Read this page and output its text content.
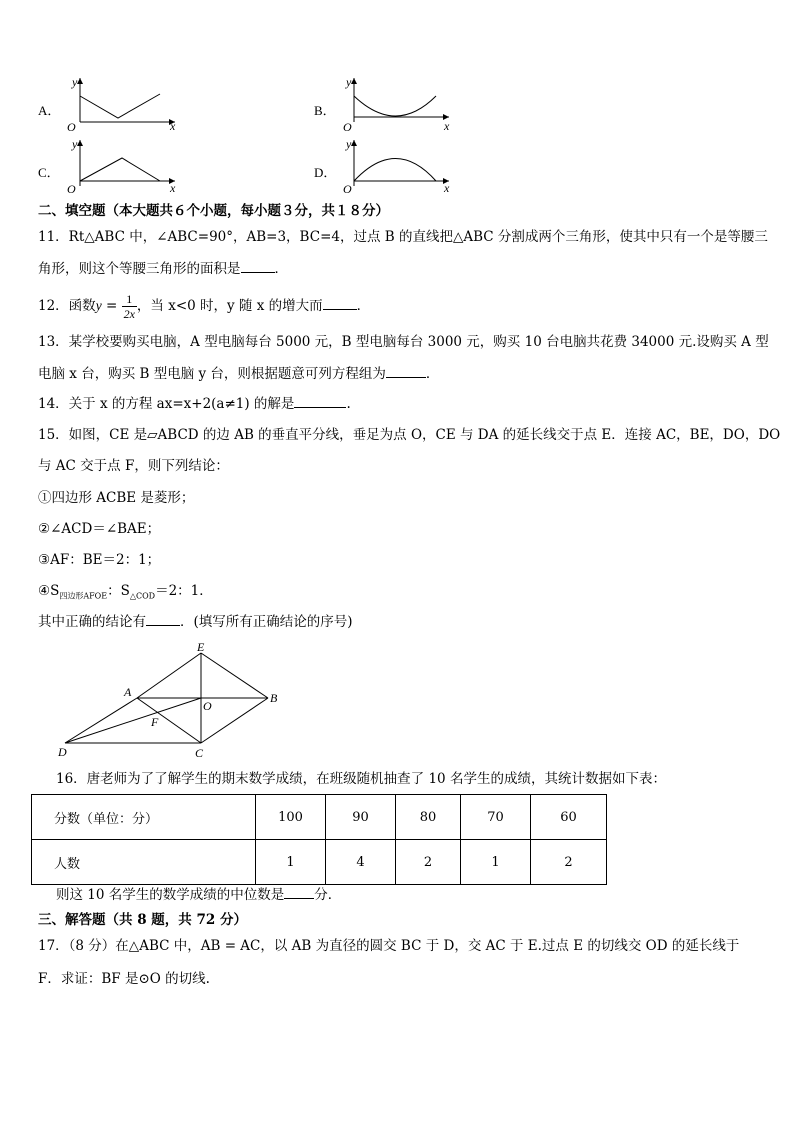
A．
x
y
O
B．
x
y
O
C．
x
y
O
D．
x
y
O
二、填空题（本大题共６个小题，每小题３分，共１８分）
11．Rt△ABC 中，∠ABC=90°，AB=3，BC=4，过点 B 的直线把△ABC 分割成两个三角形，使其中只有一个是等腰三
角形，则这个等腰三角形的面积是	．
12．函数$y = \frac{1}{2x}$ ，当 x<0 时，y 随 x 的增大而	．
13．某学校要购买电脑，A 型电脑每台 5000 元，B 型电脑每台 3000 元，购买 10 台电脑共花费 34000 元.设购买 A 型
电脑 x 台，购买 B 型电脑 y 台，则根据题意可列方程组为	．
14．关于 x 的方程 ax=x+2(a≠1) 的解是	.
15．如图，CE 是▱ABCD 的边 AB 的垂直平分线，垂足为点 O，CE 与 DA 的延长线交于点 E．连接 AC，BE，DO，DO
与 AC 交于点 F，则下列结论：
①四边形 ACBE 是菱形；
②∠ACD＝∠BAE；
③AF：BE＝2：1；
$④S_{四边形AFOE}$：$S_{\triangle COD}=2$：1．
其中正确的结论有	．(填写所有正确结论的序号)
E
A
O
B
F
D	C
16．唐老师为了了解学生的期末数学成绩，在班级随机抽查了 10 名学生的成绩，其统计数据如下表：
分数（单位：分）	100	90	80	70	60
人数	1	4	2	1	2
则这 10 名学生的数学成绩的中位数是 分．
三、解答题（共 8 题，共 72 分）
17．（8 分）在△ABC 中，AB = AC，以 AB 为直径的圆交 BC 于 D，交 AC 于 E.过点 E 的切线交 OD 的延长线于
F．求证：BF 是⊙O 的切线.
